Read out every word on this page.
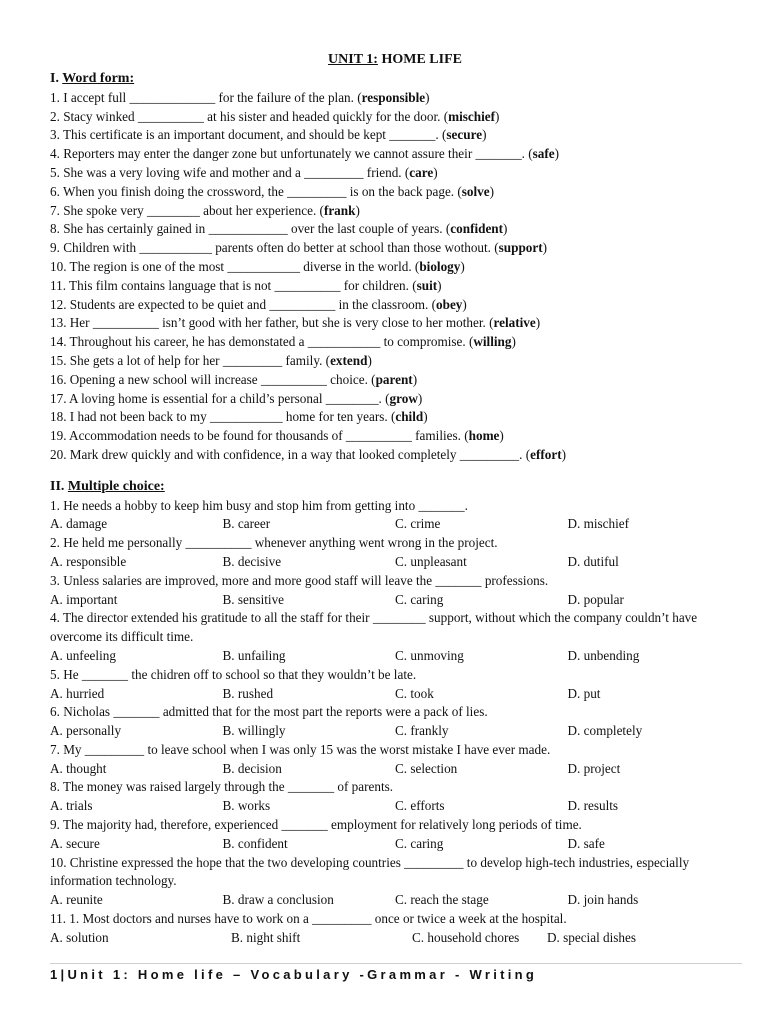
UNIT 1: HOME LIFE
I. Word form:
1. I accept full _____________ for the failure of the plan. (responsible)
2. Stacy winked __________ at his sister and headed quickly for the door. (mischief)
3. This certificate is an important document, and should be kept _______. (secure)
4. Reporters may enter the danger zone but unfortunately we cannot assure their _______. (safe)
5. She was a very loving wife and mother and a _________ friend. (care)
6. When you finish doing the crossword, the _________ is on the back page. (solve)
7. She spoke very ________ about her experience. (frank)
8. She has certainly gained in ____________ over the last couple of years. (confident)
9. Children with ___________ parents often do better at school than those wothout. (support)
10. The region is one of the most ___________ diverse in the world. (biology)
11. This film contains language that is not __________ for children. (suit)
12. Students are expected to be quiet and __________ in the classroom. (obey)
13. Her __________ isn’t good with her father, but she is very close to her mother. (relative)
14. Throughout his career, he has demonstated a ___________ to compromise. (willing)
15. She gets a lot of help for her _________ family. (extend)
16. Opening a new school will increase __________ choice. (parent)
17. A loving home is essential for a child’s personal ________. (grow)
18. I had not been back to my ___________ home for ten years. (child)
19. Accommodation needs to be found for thousands of __________ families. (home)
20. Mark drew quickly and with confidence, in a way that looked completely _________. (effort)
II. Multiple choice:
1. He needs a hobby to keep him busy and stop him from getting into _______.
A. damage	B. career	C. crime	D. mischief
2. He held me personally __________ whenever anything went wrong in the project.
A. responsible	B. decisive	C. unpleasant	D. dutiful
3. Unless salaries are improved, more and more good staff will leave the _______ professions.
A. important	B. sensitive	C. caring	D. popular
4. The director extended his gratitude to all the staff for their ________ support, without which the company couldn’t have overcome its difficult time.
A. unfeeling	B. unfailing	C. unmoving	D. unbending
5. He _______ the chidren off to school so that they wouldn’t be late.
A. hurried	B. rushed	C. took	D. put
6. Nicholas _______ admitted that for the most part the reports were a pack of lies.
A. personally	B. willingly	C. frankly	D. completely
7. My _________ to leave school when I was only 15 was the worst mistake I have ever made.
A. thought	B. decision	C. selection	D. project
8. The money was raised largely through the _______ of parents.
A. trials	B. works	C. efforts	D. results
9. The majority had, therefore, experienced _______ employment for relatively long periods of time.
A. secure	B. confident	C. caring	D. safe
10. Christine expressed the hope that the two developing countries _________ to develop high-tech industries, especially information technology.
A. reunite	B. draw a conclusion	C. reach the stage	D. join hands
11. 1. Most doctors and nurses have to work on a _________ once or twice a week at the hospital.
A. solution	B. night shift	C. household chores	D. special dishes
1|Unit 1: Home life – Vocabulary -Grammar - Writing
